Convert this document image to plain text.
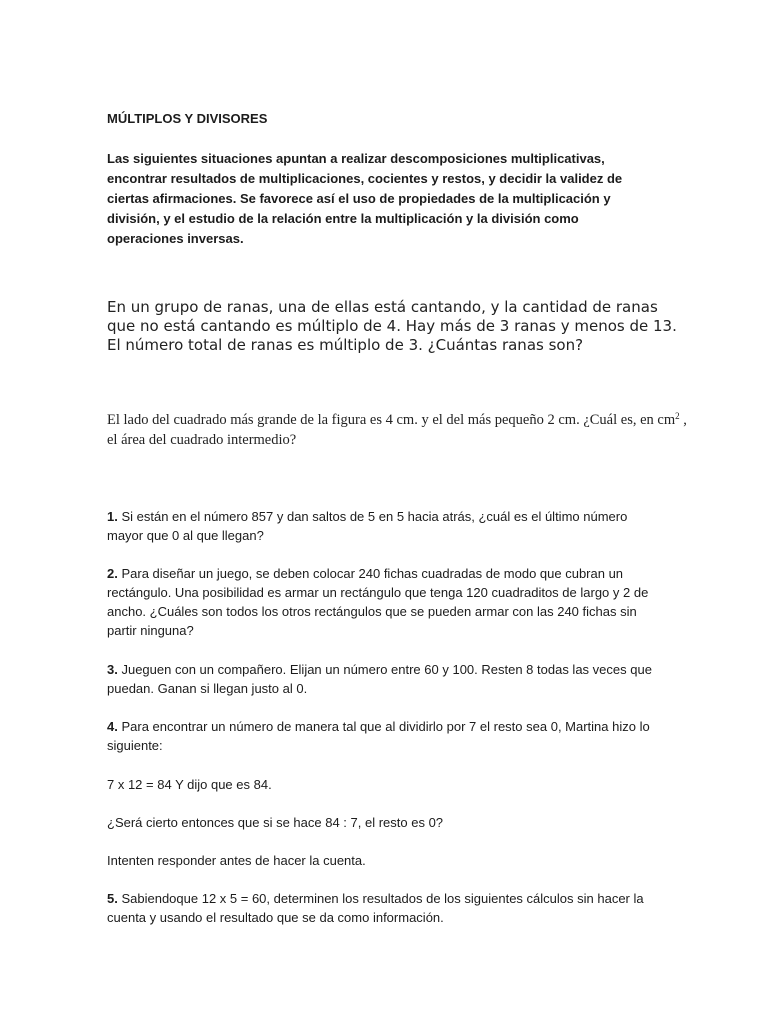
MÚLTIPLOS Y DIVISORES

Las siguientes situaciones apuntan a realizar descomposiciones multiplicativas, encontrar resultados de multiplicaciones, cocientes y restos, y decidir la validez de ciertas afirmaciones. Se favorece así el uso de propiedades de la multiplicación y división, y el estudio de la relación entre la multiplicación y la división como operaciones inversas.

En un grupo de ranas, una de ellas está cantando, y la cantidad de ranas que no está cantando es múltiplo de 4. Hay más de 3 ranas y menos de 13. El número total de ranas es múltiplo de 3. ¿Cuántas ranas son?

El lado del cuadrado más grande de la figura es 4 cm. y el del más pequeño 2 cm. ¿Cuál es, en $cm^2$ , el área del cuadrado intermedio?

1. Si están en el número 857 y dan saltos de 5 en 5 hacia atrás, ¿cuál es el último número mayor que 0 al que llegan?

2. Para diseñar un juego, se deben colocar 240 fichas cuadradas de modo que cubran un rectángulo. Una posibilidad es armar un rectángulo que tenga 120 cuadraditos de largo y 2 de ancho. ¿Cuáles son todos los otros rectángulos que se pueden armar con las 240 fichas sin partir ninguna?

3. Jueguen con un compañero. Elijan un número entre 60 y 100. Resten 8 todas las veces que puedan. Ganan si llegan justo al 0.

4. Para encontrar un número de manera tal que al dividirlo por 7 el resto sea 0, Martina hizo lo siguiente:

7 x 12 = 84 Y dijo que es 84.

¿Será cierto entonces que si se hace 84 : 7, el resto es 0?

Intenten responder antes de hacer la cuenta.

5. Sabiendoque 12 x 5 = 60, determinen los resultados de los siguientes cálculos sin hacer la cuenta y usando el resultado que se da como información.
